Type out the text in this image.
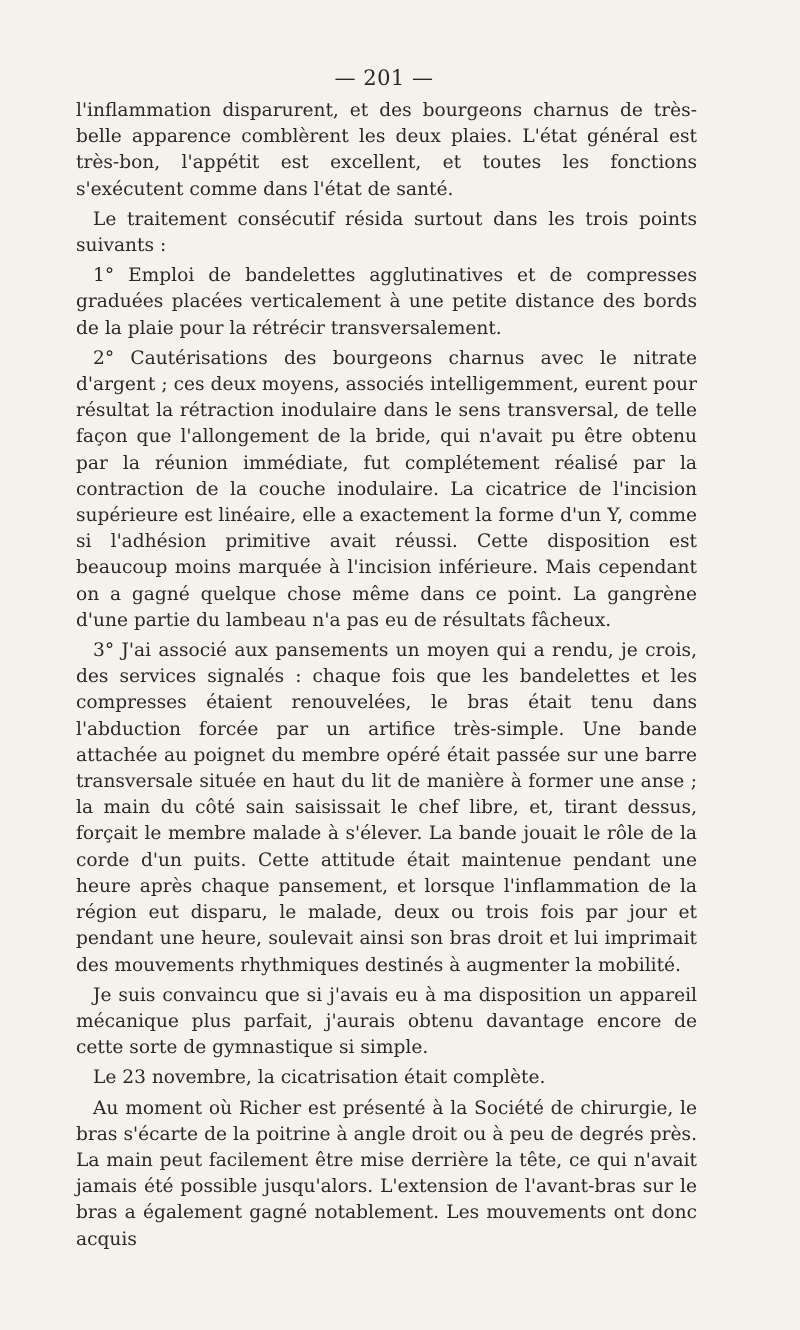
— 201 —

l'inflammation disparurent, et des bourgeons charnus de très-belle apparence comblèrent les deux plaies. L'état général est très-bon, l'appétit est excellent, et toutes les fonctions s'exécutent comme dans l'état de santé.

Le traitement consécutif résida surtout dans les trois points suivants :

1° Emploi de bandelettes agglutinatives et de compresses graduées placées verticalement à une petite distance des bords de la plaie pour la rétrécir transversalement.

2° Cautérisations des bourgeons charnus avec le nitrate d'argent ; ces deux moyens, associés intelligemment, eurent pour résultat la rétraction inodulaire dans le sens transversal, de telle façon que l'allongement de la bride, qui n'avait pu être obtenu par la réunion immédiate, fut complétement réalisé par la contraction de la couche inodulaire. La cicatrice de l'incision supérieure est linéaire, elle a exactement la forme d'un Y, comme si l'adhésion primitive avait réussi. Cette disposition est beaucoup moins marquée à l'incision inférieure. Mais cependant on a gagné quelque chose même dans ce point. La gangrène d'une partie du lambeau n'a pas eu de résultats fâcheux.

3° J'ai associé aux pansements un moyen qui a rendu, je crois, des services signalés : chaque fois que les bandelettes et les compresses étaient renouvelées, le bras était tenu dans l'abduction forcée par un artifice très-simple. Une bande attachée au poignet du membre opéré était passée sur une barre transversale située en haut du lit de manière à former une anse ; la main du côté sain saisissait le chef libre, et, tirant dessus, forçait le membre malade à s'élever. La bande jouait le rôle de la corde d'un puits. Cette attitude était maintenue pendant une heure après chaque pansement, et lorsque l'inflammation de la région eut disparu, le malade, deux ou trois fois par jour et pendant une heure, soulevait ainsi son bras droit et lui imprimait des mouvements rhythmiques destinés à augmenter la mobilité.

Je suis convaincu que si j'avais eu à ma disposition un appareil mécanique plus parfait, j'aurais obtenu davantage encore de cette sorte de gymnastique si simple.

Le 23 novembre, la cicatrisation était complète.

Au moment où Richer est présenté à la Société de chirurgie, le bras s'écarte de la poitrine à angle droit ou à peu de degrés près. La main peut facilement être mise derrière la tête, ce qui n'avait jamais été possible jusqu'alors. L'extension de l'avant-bras sur le bras a également gagné notablement. Les mouvements ont donc acquis
